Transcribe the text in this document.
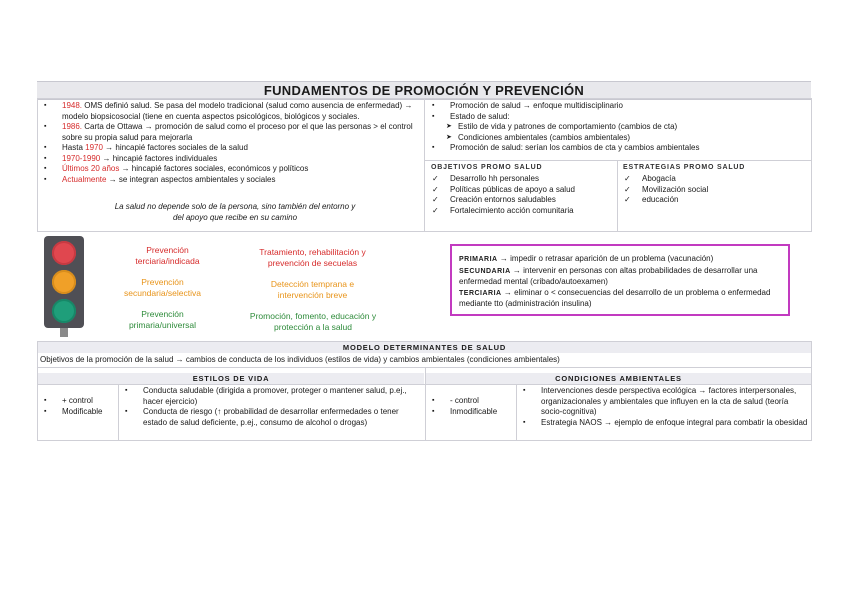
FUNDAMENTOS DE PROMOCIÓN Y PREVENCIÓN
▪ 1948. OMS definió salud. Se pasa del modelo tradicional (salud como ausencia de enfermedad) → modelo biopsicosocial (tiene en cuenta aspectos psicológicos, biológicos y sociales.
▪ 1986. Carta de Ottawa → promoción de salud como el proceso por el que las personas > el control sobre su propia salud para mejorarla
▪ Hasta 1970 → hincapié factores sociales de la salud
▪ 1970-1990 → hincapié factores individuales
▪ Últimos 20 años → hincapié factores sociales, económicos y políticos
▪ Actualmente → se integran aspectos ambientales y sociales
La salud no depende solo de la persona, sino también del entorno y del apoyo que recibe en su camino
▪ Promoción de salud → enfoque multidisciplinario
▪ Estado de salud:
➤ Estilo de vida y patrones de comportamiento (cambios de cta)
➤ Condiciones ambientales (cambios ambientales)
▪ Promoción de salud: serían los cambios de cta y cambios ambientales
OBJETIVOS PROMO SALUD
✓ Desarrollo hh personales
✓ Políticas públicas de apoyo a salud
✓ Creación entornos saludables
✓ Fortalecimiento acción comunitaria
ESTRATEGIAS PROMO SALUD
✓ Abogacía
✓ Movilización social
✓ educación
Prevención terciaria/indicada
Tratamiento, rehabilitación y prevención de secuelas
Prevención secundaria/selectiva
Detección temprana e intervención breve
Prevención primaria/universal
Promoción, fomento, educación y protección a la salud
PRIMARIA → impedir o retrasar aparición de un problema (vacunación)
SECUNDARIA → intervenir en personas con altas probabilidades de desarrollar una enfermedad mental (cribado/autoexamen)
TERCIARIA → eliminar o < consecuencias del desarrollo de un problema o enfermedad mediante tto (administración insulina)
MODELO DETERMINANTES DE SALUD
Objetivos de la promoción de la salud → cambios de conducta de los individuos (estilos de vida) y cambios ambientales (condiciones ambientales)
ESTILOS DE VIDA	CONDICIONES AMBIENTALES
▪ + control
▪ Modificable
▪ Conducta saludable (dirigida a promover, proteger o mantener salud, p.ej., hacer ejercicio)
▪ Conducta de riesgo (↑ probabilidad de desarrollar enfermedades o tener estado de salud deficiente, p.ej., consumo de alcohol o drogas)
▪ - control
▪ Inmodificable
▪ Intervenciones desde perspectiva ecológica → factores interpersonales, organizacionales y ambientales que influyen en la cta de salud (teoría socio-cognitiva)
▪ Estrategia NAOS → ejemplo de enfoque integral para combatir la obesidad
